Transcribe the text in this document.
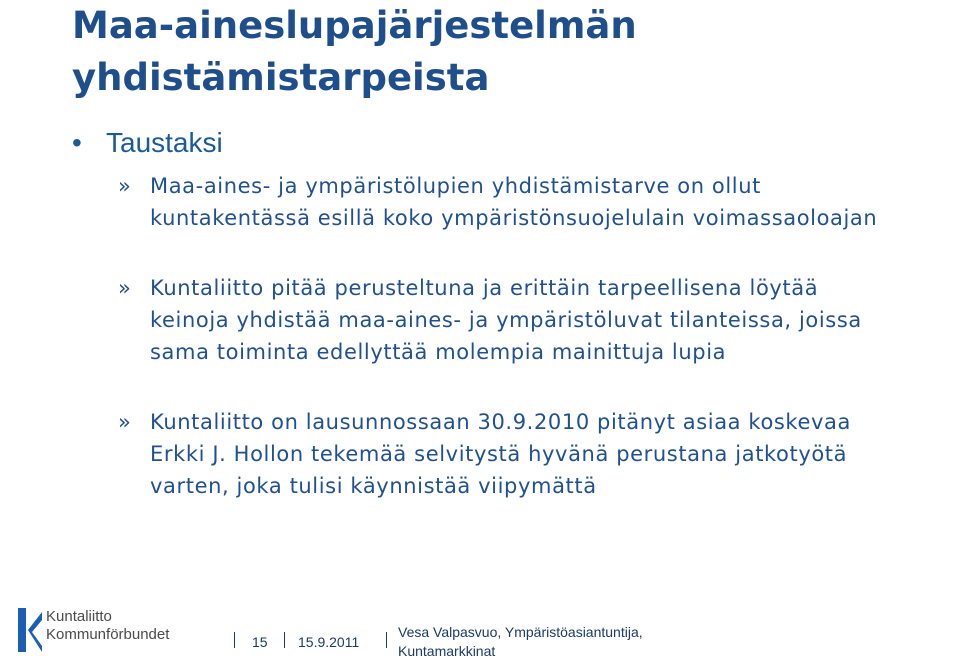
Maa-aineslupajärjestelmän yhdistämistarpeista
• Taustaksi
» Maa-aines- ja ympäristölupien yhdistämistarve on ollut kuntakentässä esillä koko ympäristönsuojelulain voimassaoloajan
» Kuntaliitto pitää perusteltuna ja erittäin tarpeellisena löytää keinoja yhdistää maa-aines- ja ympäristöluvat tilanteissa, joissa sama toiminta edellyttää molempia mainittuja lupia
» Kuntaliitto on lausunnossaan 30.9.2010 pitänyt asiaa koskevaa Erkki J. Hollon tekemää selvitystä hyvänä perustana jatkotyötä varten, joka tulisi käynnistää viipymättä
Kuntaliitto
Kommunförbundet	15 15.9.2011
Vesa Valpasvuo, Ympäristöasiantuntija,
Kuntamarkkinat
